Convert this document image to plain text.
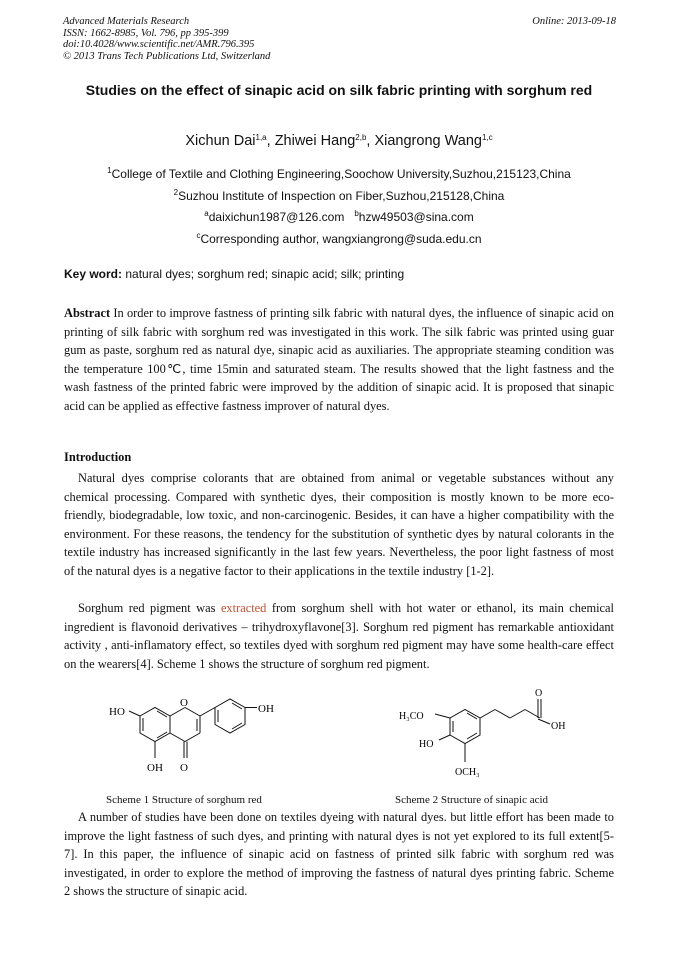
Advanced Materials Research
ISSN: 1662-8985, Vol. 796, pp 395-399
doi:10.4028/www.scientific.net/AMR.796.395
© 2013 Trans Tech Publications Ltd, Switzerland
Online: 2013-09-18
Studies on the effect of sinapic acid on silk fabric printing with sorghum red
Xichun Dai$^{1,a}$, Zhiwei Hang$^{2,b}$, Xiangrong Wang$^{1,c}$
$^1$College of Textile and Clothing Engineering,Soochow University,Suzhou,215123,China
$^2$Suzhou Institute of Inspection on Fiber,Suzhou,215128,China
$^a$daixichun1987@126.com $^b$hzw49503@sina.com
$^c$Corresponding author, wangxiangrong@suda.edu.cn
Key word: natural dyes; sorghum red; sinapic acid; silk; printing
Abstract In order to improve fastness of printing silk fabric with natural dyes, the influence of sinapic acid on printing of silk fabric with sorghum red was investigated in this work. The silk fabric was printed using guar gum as paste, sorghum red as natural dye, sinapic acid as auxiliaries. The appropriate steaming condition was the temperature 100℃, time 15min and saturated steam. The results showed that the light fastness and the wash fastness of the printed fabric were improved by the addition of sinapic acid. It is proposed that sinapic acid can be applied as effective fastness improver of natural dyes.
Introduction
Natural dyes comprise colorants that are obtained from animal or vegetable substances without any chemical processing. Compared with synthetic dyes, their composition is mostly known to be more eco-friendly, biodegradable, low toxic, and non-carcinogenic. Besides, it can have a higher compatibility with the environment. For these reasons, the tendency for the substitution of synthetic dyes by natural colorants in the textile industry has increased significantly in the last few years. Nevertheless, the poor light fastness of most of the natural dyes is a negative factor to their applications in the textile industry [1-2].
Sorghum red pigment was extracted from sorghum shell with hot water or ethanol, its main chemical ingredient is flavonoid derivatives – trihydroxyflavone[3]. Sorghum red pigment has remarkable antioxidant activity , anti-inflamatory effect, so textiles dyed with sorghum red pigment may have some health-care effect on the wearers[4]. Scheme 1 shows the structure of sorghum red pigment.
HO
O	OH
OH O
H₃CO
HO
OCH₃
O
OH
Scheme 1 Structure of sorghum red	Scheme 2 Structure of sinapic acid
A number of studies have been done on textiles dyeing with natural dyes. but little effort has been made to improve the light fastness of such dyes, and printing with natural dyes is not yet explored to its full extent[5-7]. In this paper, the influence of sinapic acid on fastness of printed silk fabric with sorghum red was investigated, in order to explore the method of improving the fastness of natural dyes printing fabric. Scheme 2 shows the structure of sinapic acid.
